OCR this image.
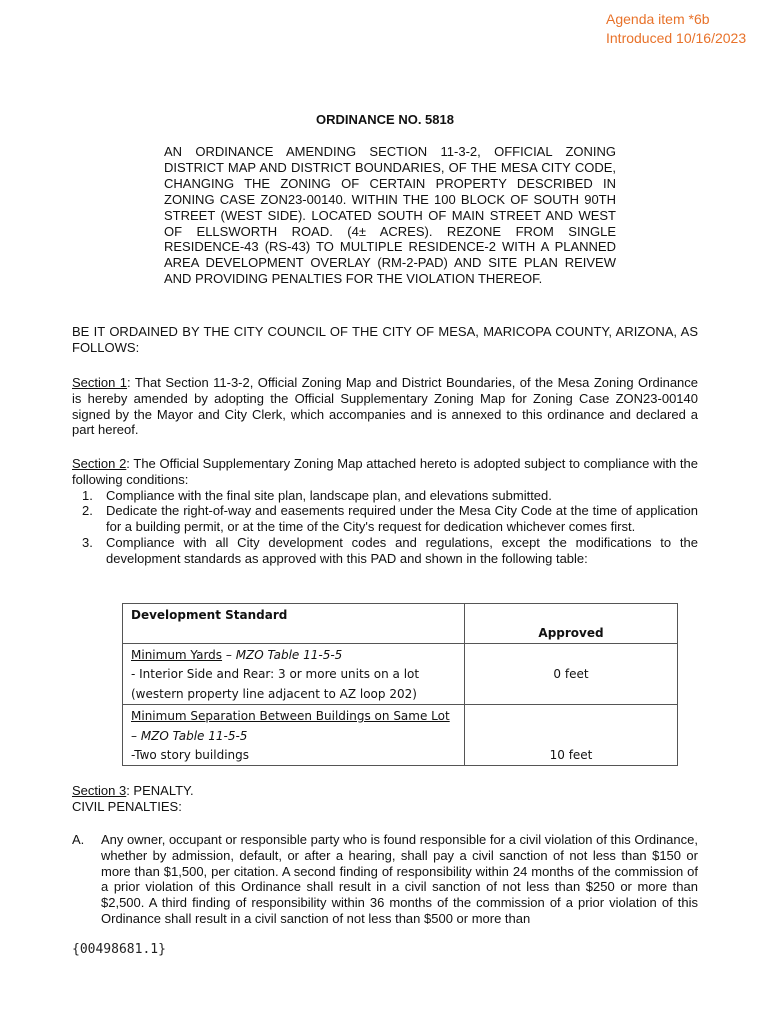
Agenda item *6b
Introduced 10/16/2023
ORDINANCE NO. 5818
AN ORDINANCE AMENDING SECTION 11-3-2, OFFICIAL ZONING DISTRICT MAP AND DISTRICT BOUNDARIES, OF THE MESA CITY CODE, CHANGING THE ZONING OF CERTAIN PROPERTY DESCRIBED IN ZONING CASE ZON23-00140. WITHIN THE 100 BLOCK OF SOUTH 90TH STREET (WEST SIDE). LOCATED SOUTH OF MAIN STREET AND WEST OF ELLSWORTH ROAD. (4± ACRES). REZONE FROM SINGLE RESIDENCE-43 (RS-43) TO MULTIPLE RESIDENCE-2 WITH A PLANNED AREA DEVELOPMENT OVERLAY (RM-2-PAD) AND SITE PLAN REIVEW AND PROVIDING PENALTIES FOR THE VIOLATION THEREOF.
BE IT ORDAINED BY THE CITY COUNCIL OF THE CITY OF MESA, MARICOPA COUNTY, ARIZONA, AS FOLLOWS:
Section 1: That Section 11-3-2, Official Zoning Map and District Boundaries, of the Mesa Zoning Ordinance is hereby amended by adopting the Official Supplementary Zoning Map for Zoning Case ZON23-00140 signed by the Mayor and City Clerk, which accompanies and is annexed to this ordinance and declared a part hereof.
Section 2: The Official Supplementary Zoning Map attached hereto is adopted subject to compliance with the following conditions:
1. Compliance with the final site plan, landscape plan, and elevations submitted.
2. Dedicate the right-of-way and easements required under the Mesa City Code at the time of application for a building permit, or at the time of the City's request for dedication whichever comes first.
3. Compliance with all City development codes and regulations, except the modifications to the development standards as approved with this PAD and shown in the following table:
Development Standard	Approved

Minimum Yards – MZO Table 11-5-5
- Interior Side and Rear: 3 or more units on a lot
(western property line adjacent to AZ loop 202)	0 feet

Minimum Separation Between Buildings on Same Lot
– MZO Table 11-5-5
-Two story buildings	10 feet
Section 3: PENALTY.
CIVIL PENALTIES:
A. Any owner, occupant or responsible party who is found responsible for a civil violation of this Ordinance, whether by admission, default, or after a hearing, shall pay a civil sanction of not less than $150 or more than $1,500, per citation. A second finding of responsibility within 24 months of the commission of a prior violation of this Ordinance shall result in a civil sanction of not less than $250 or more than $2,500. A third finding of responsibility within 36 months of the commission of a prior violation of this Ordinance shall result in a civil sanction of not less than $500 or more than
{00498681.1}
